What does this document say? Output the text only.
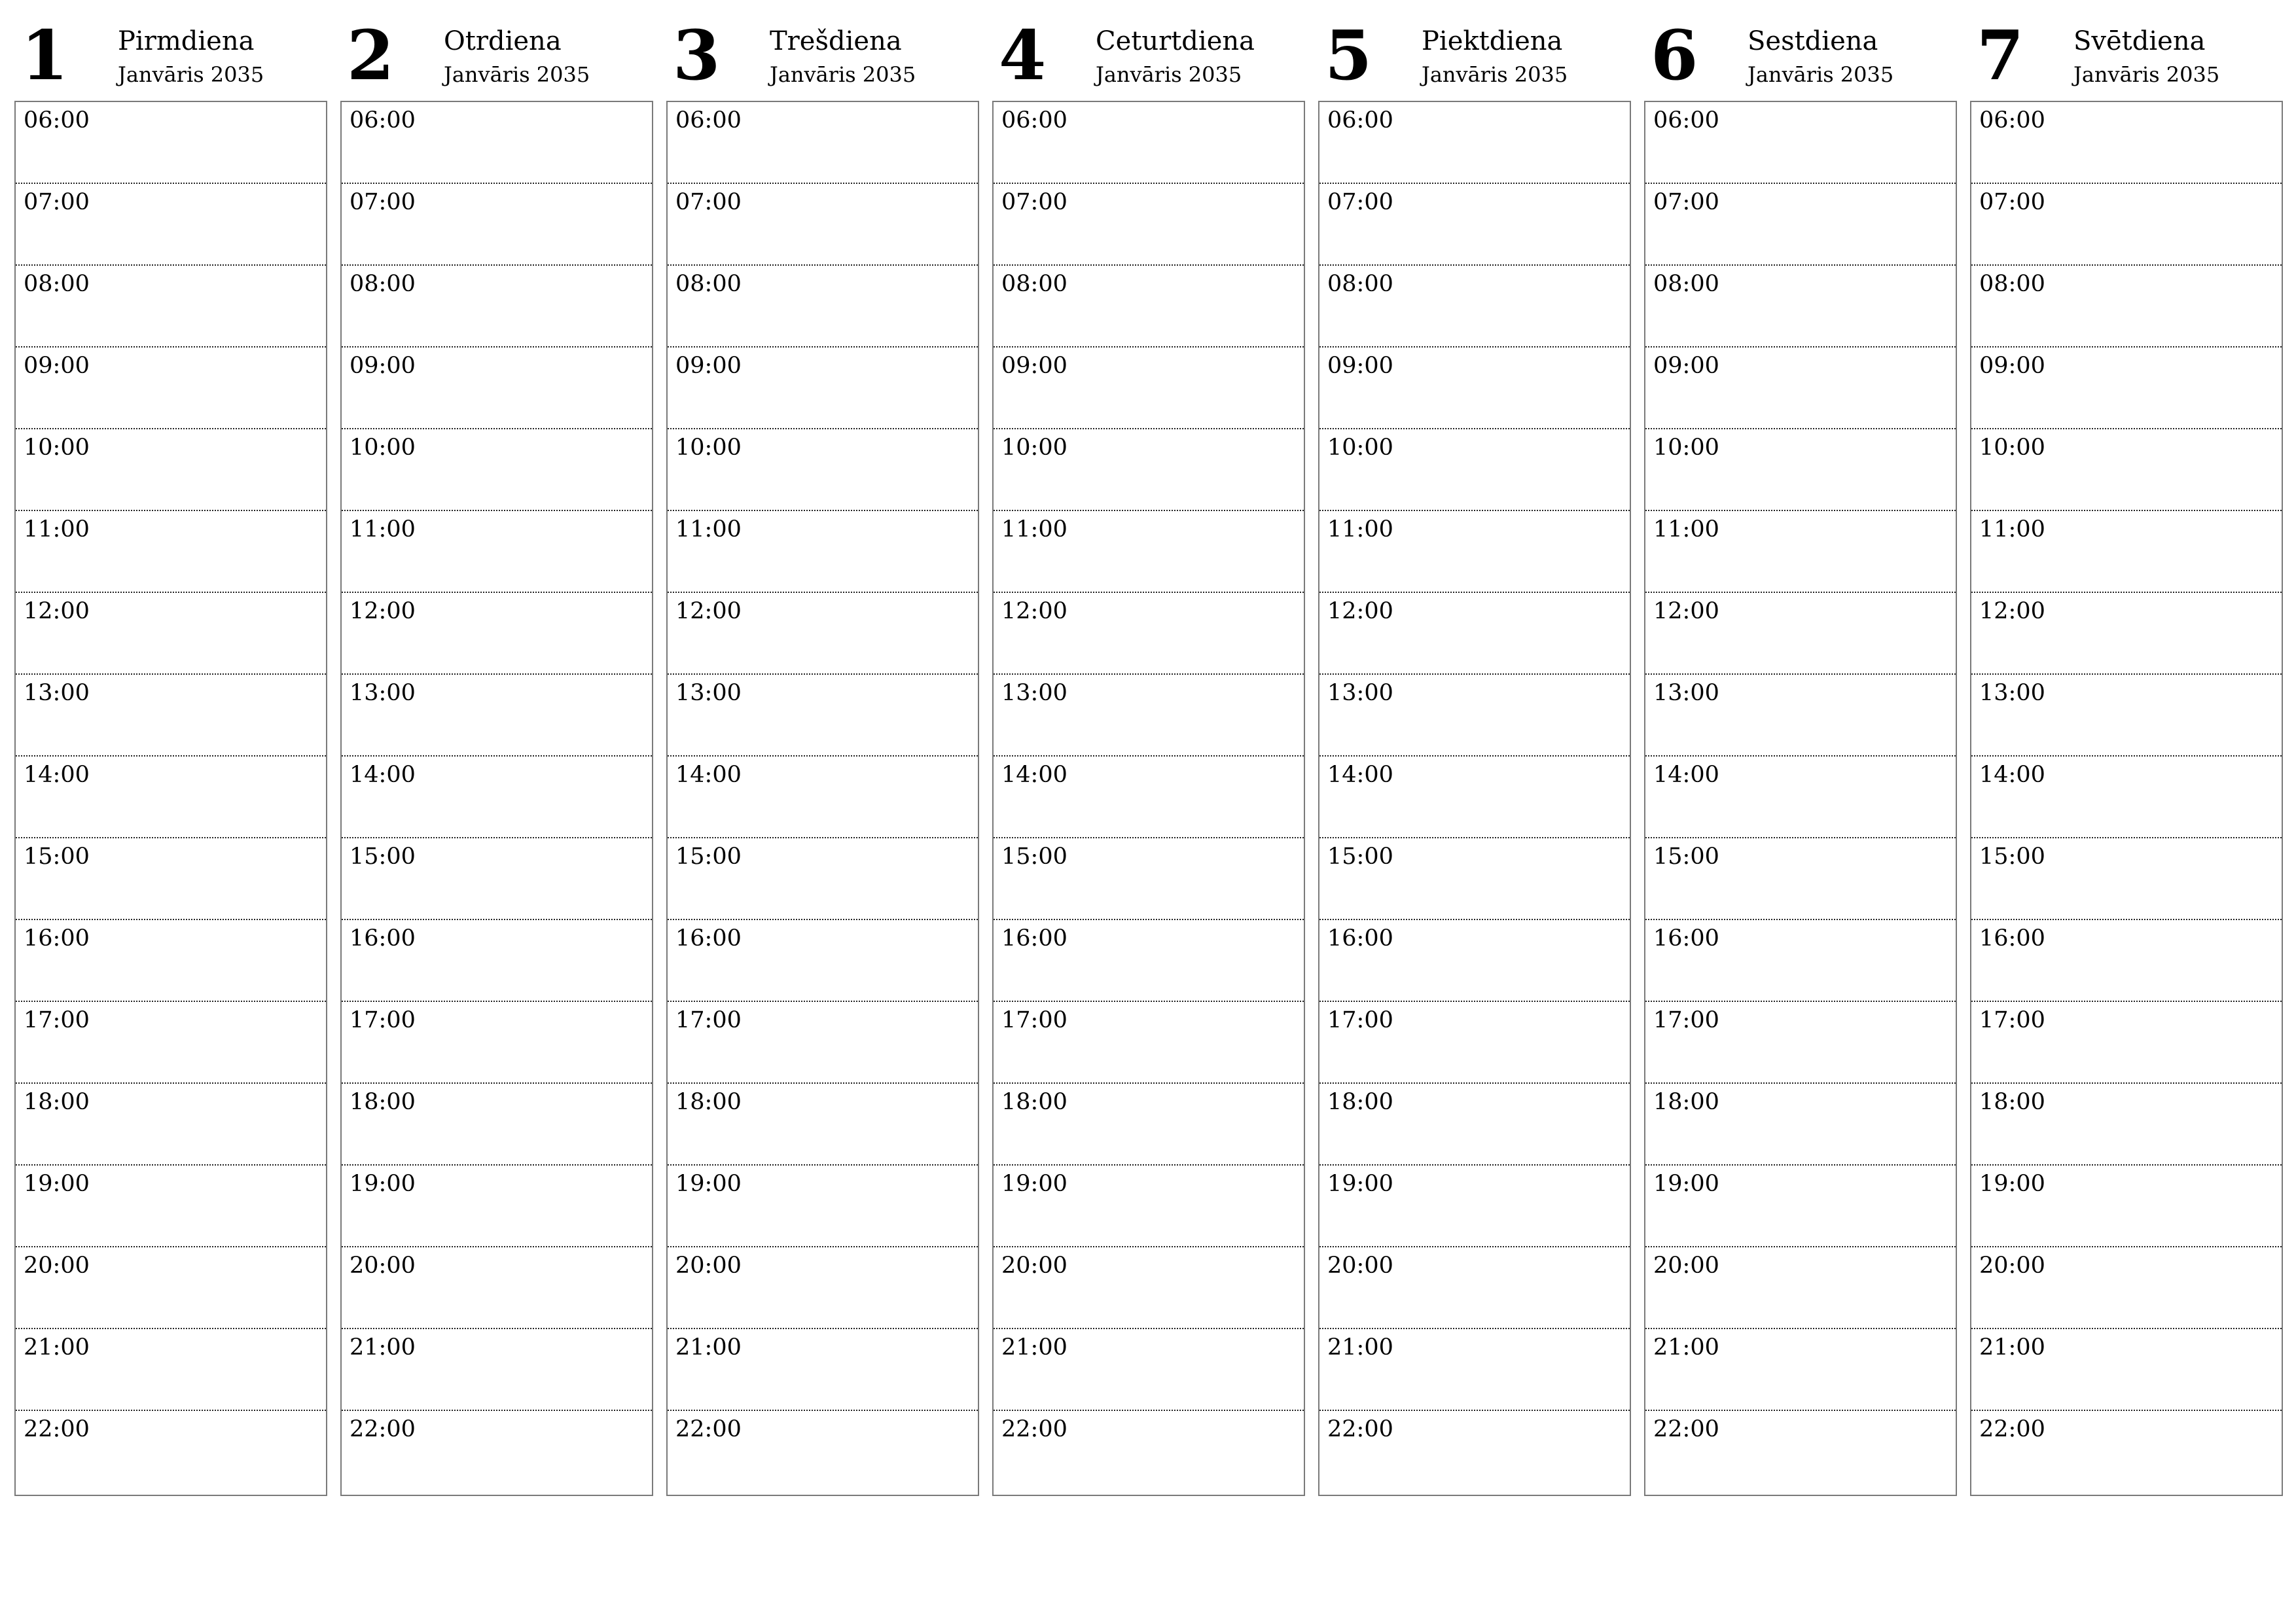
1 Pirmdiena
Janvāris 2035
06:00
07:00
08:00
09:00
10:00
11:00
12:00
13:00
14:00
15:00
16:00
17:00
18:00
19:00
20:00
21:00
22:00
2 Otrdiena
Janvāris 2035
06:00
07:00
08:00
09:00
10:00
11:00
12:00
13:00
14:00
15:00
16:00
17:00
18:00
19:00
20:00
21:00
22:00
3 Trešdiena
Janvāris 2035
06:00
07:00
08:00
09:00
10:00
11:00
12:00
13:00
14:00
15:00
16:00
17:00
18:00
19:00
20:00
21:00
22:00
4 Ceturtdiena
Janvāris 2035
06:00
07:00
08:00
09:00
10:00
11:00
12:00
13:00
14:00
15:00
16:00
17:00
18:00
19:00
20:00
21:00
22:00
5 Piektdiena
Janvāris 2035
06:00
07:00
08:00
09:00
10:00
11:00
12:00
13:00
14:00
15:00
16:00
17:00
18:00
19:00
20:00
21:00
22:00
6 Sestdiena
Janvāris 2035
06:00
07:00
08:00
09:00
10:00
11:00
12:00
13:00
14:00
15:00
16:00
17:00
18:00
19:00
20:00
21:00
22:00
7 Svētdiena
Janvāris 2035
06:00
07:00
08:00
09:00
10:00
11:00
12:00
13:00
14:00
15:00
16:00
17:00
18:00
19:00
20:00
21:00
22:00
